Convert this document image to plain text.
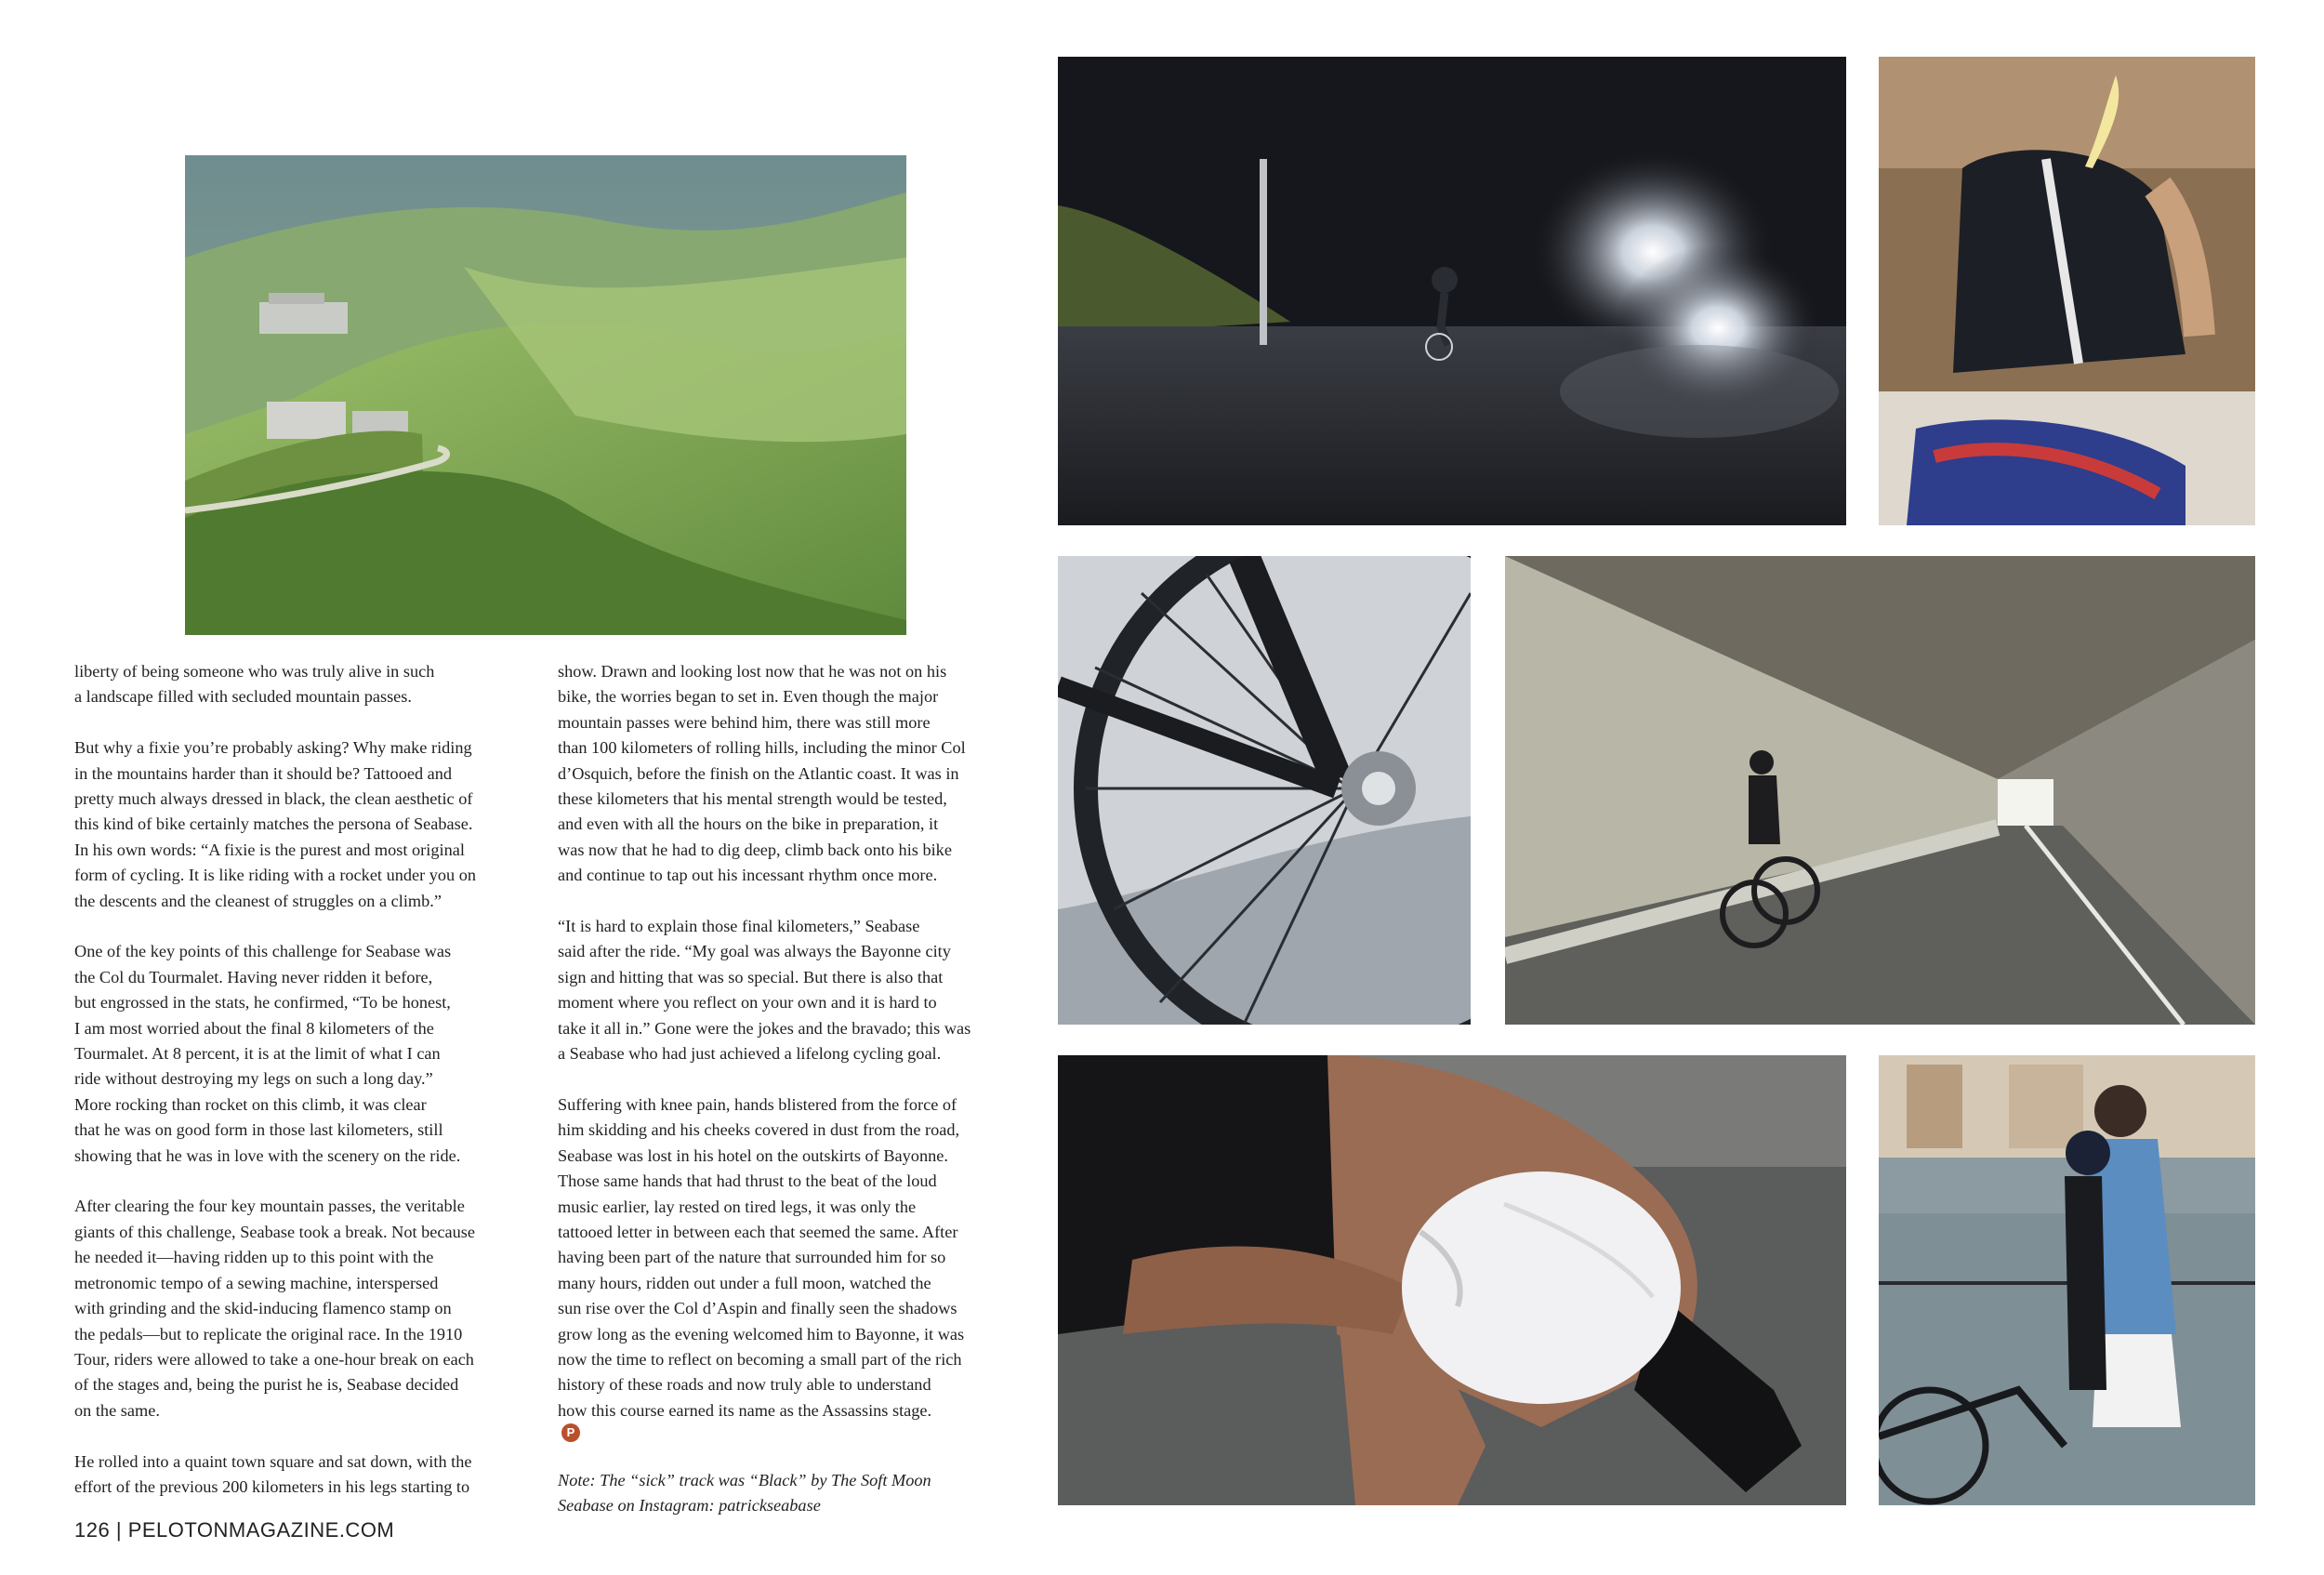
liberty of being someone who was truly alive in such
a landscape filled with secluded mountain passes.

But why a fixie you’re probably asking? Why make riding
in the mountains harder than it should be? Tattooed and
pretty much always dressed in black, the clean aesthetic of
this kind of bike certainly matches the persona of Seabase.
In his own words: “A fixie is the purest and most original
form of cycling. It is like riding with a rocket under you on
the descents and the cleanest of struggles on a climb.”

One of the key points of this challenge for Seabase was
the Col du Tourmalet. Having never ridden it before,
but engrossed in the stats, he confirmed, “To be honest,
I am most worried about the final 8 kilometers of the
Tourmalet. At 8 percent, it is at the limit of what I can
ride without destroying my legs on such a long day.”
More rocking than rocket on this climb, it was clear
that he was on good form in those last kilometers, still
showing that he was in love with the scenery on the ride.

After clearing the four key mountain passes, the veritable
giants of this challenge, Seabase took a break. Not because
he needed it—having ridden up to this point with the
metronomic tempo of a sewing machine, interspersed
with grinding and the skid-inducing flamenco stamp on
the pedals—but to replicate the original race. In the 1910
Tour, riders were allowed to take a one-hour break on each
of the stages and, being the purist he is, Seabase decided
on the same.

He rolled into a quaint town square and sat down, with the
effort of the previous 200 kilometers in his legs starting to

show. Drawn and looking lost now that he was not on his
bike, the worries began to set in. Even though the major
mountain passes were behind him, there was still more
than 100 kilometers of rolling hills, including the minor Col
d’Osquich, before the finish on the Atlantic coast. It was in
these kilometers that his mental strength would be tested,
and even with all the hours on the bike in preparation, it
was now that he had to dig deep, climb back onto his bike
and continue to tap out his incessant rhythm once more.

“It is hard to explain those final kilometers,” Seabase
said after the ride. “My goal was always the Bayonne city
sign and hitting that was so special. But there is also that
moment where you reflect on your own and it is hard to
take it all in.” Gone were the jokes and the bravado; this was
a Seabase who had just achieved a lifelong cycling goal.

Suffering with knee pain, hands blistered from the force of
him skidding and his cheeks covered in dust from the road,
Seabase was lost in his hotel on the outskirts of Bayonne.
Those same hands that had thrust to the beat of the loud
music earlier, lay rested on tired legs, it was only the
tattooed letter in between each that seemed the same. After
having been part of the nature that surrounded him for so
many hours, ridden out under a full moon, watched the
sun rise over the Col d’Aspin and finally seen the shadows
grow long as the evening welcomed him to Bayonne, it was
now the time to reflect on becoming a small part of the rich
history of these roads and now truly able to understand
how this course earned its name as the Assassins stage.
P

Note: The “sick” track was “Black” by The Soft Moon
Seabase on Instagram: patrickseabase

126 | PELOTONMAGAZINE.COM
